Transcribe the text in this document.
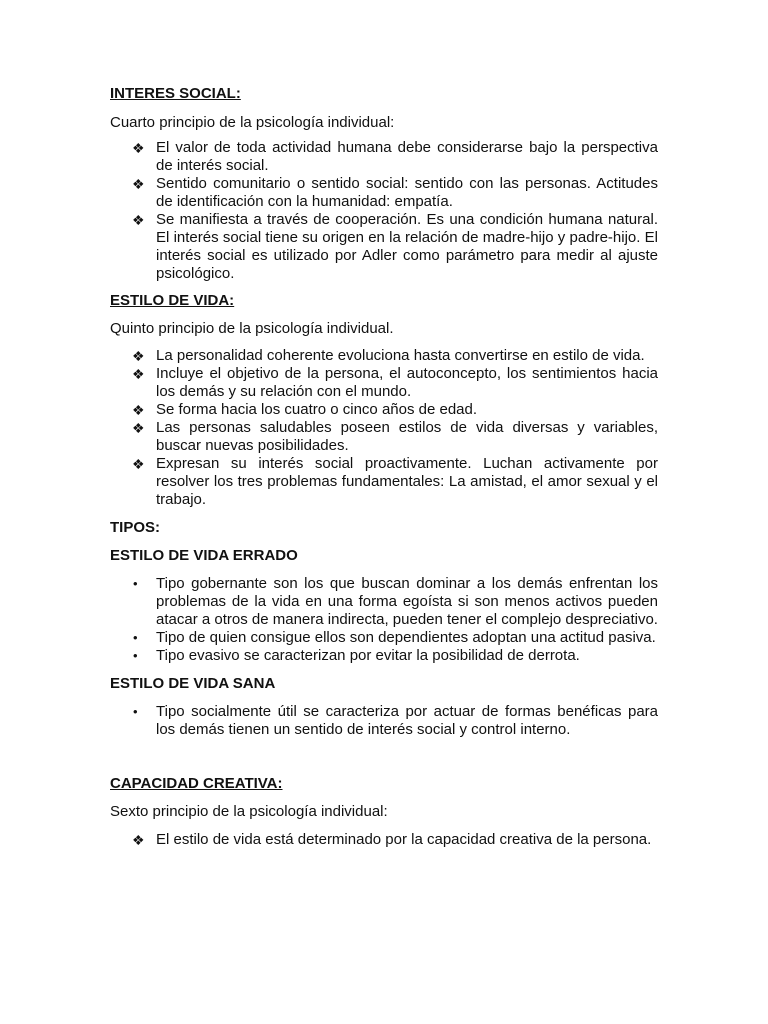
INTERES SOCIAL:

Cuarto principio de la psicología individual:

❖ El valor de toda actividad humana debe considerarse bajo la perspectiva de interés social.
❖ Sentido comunitario o sentido social: sentido con las personas. Actitudes de identificación con la humanidad: empatía.
❖ Se manifiesta a través de cooperación. Es una condición humana natural. El interés social tiene su origen en la relación de madre-hijo y padre-hijo. El interés social es utilizado por Adler como parámetro para medir al ajuste psicológico.
ESTILO DE VIDA:

Quinto principio de la psicología individual.

❖ La personalidad coherente evoluciona hasta convertirse en estilo de vida.
❖ Incluye el objetivo de la persona, el autoconcepto, los sentimientos hacia los demás y su relación con el mundo.
❖ Se forma hacia los cuatro o cinco años de edad.
❖ Las personas saludables poseen estilos de vida diversas y variables, buscar nuevas posibilidades.
❖ Expresan su interés social proactivamente. Luchan activamente por resolver los tres problemas fundamentales: La amistad, el amor sexual y el trabajo.
TIPOS:
ESTILO DE VIDA ERRADO
•	Tipo gobernante son los que buscan dominar a los demás enfrentan los problemas de la vida en una forma egoísta si son menos activos pueden atacar a otros de manera indirecta, pueden tener el complejo despreciativo.
•	Tipo de quien consigue ellos son dependientes adoptan una actitud pasiva.
•	Tipo evasivo se caracterizan por evitar la posibilidad de derrota.
ESTILO DE VIDA SANA
•	Tipo socialmente útil se caracteriza por actuar de formas benéficas para los demás tienen un sentido de interés social y control interno.
CAPACIDAD CREATIVA:

Sexto principio de la psicología individual:

❖ El estilo de vida está determinado por la capacidad creativa de la persona.
